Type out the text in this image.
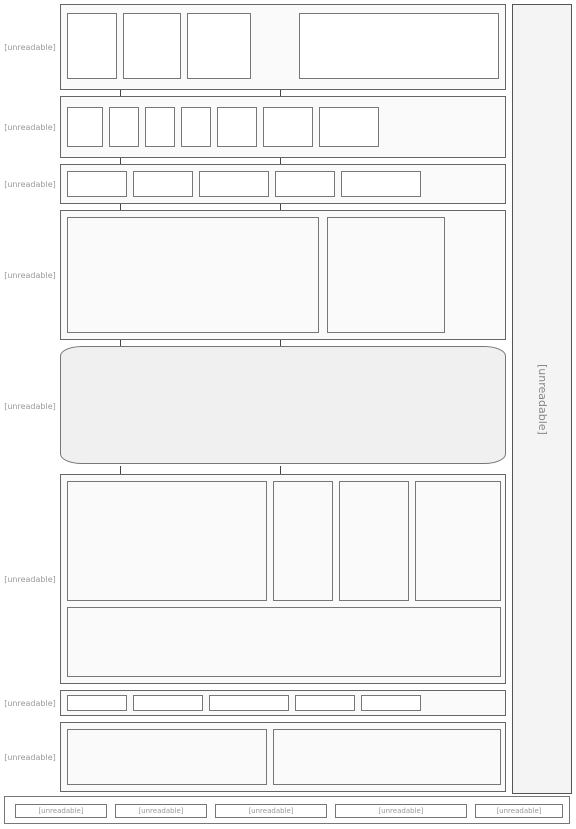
[unreadable]
[unreadable]
[unreadable]
[unreadable]
[unreadable]
[unreadable]
[unreadable]
[unreadable]
[unreadable]
[unreadable]	[unreadable]	[unreadable]	[unreadable]	[unreadable]
